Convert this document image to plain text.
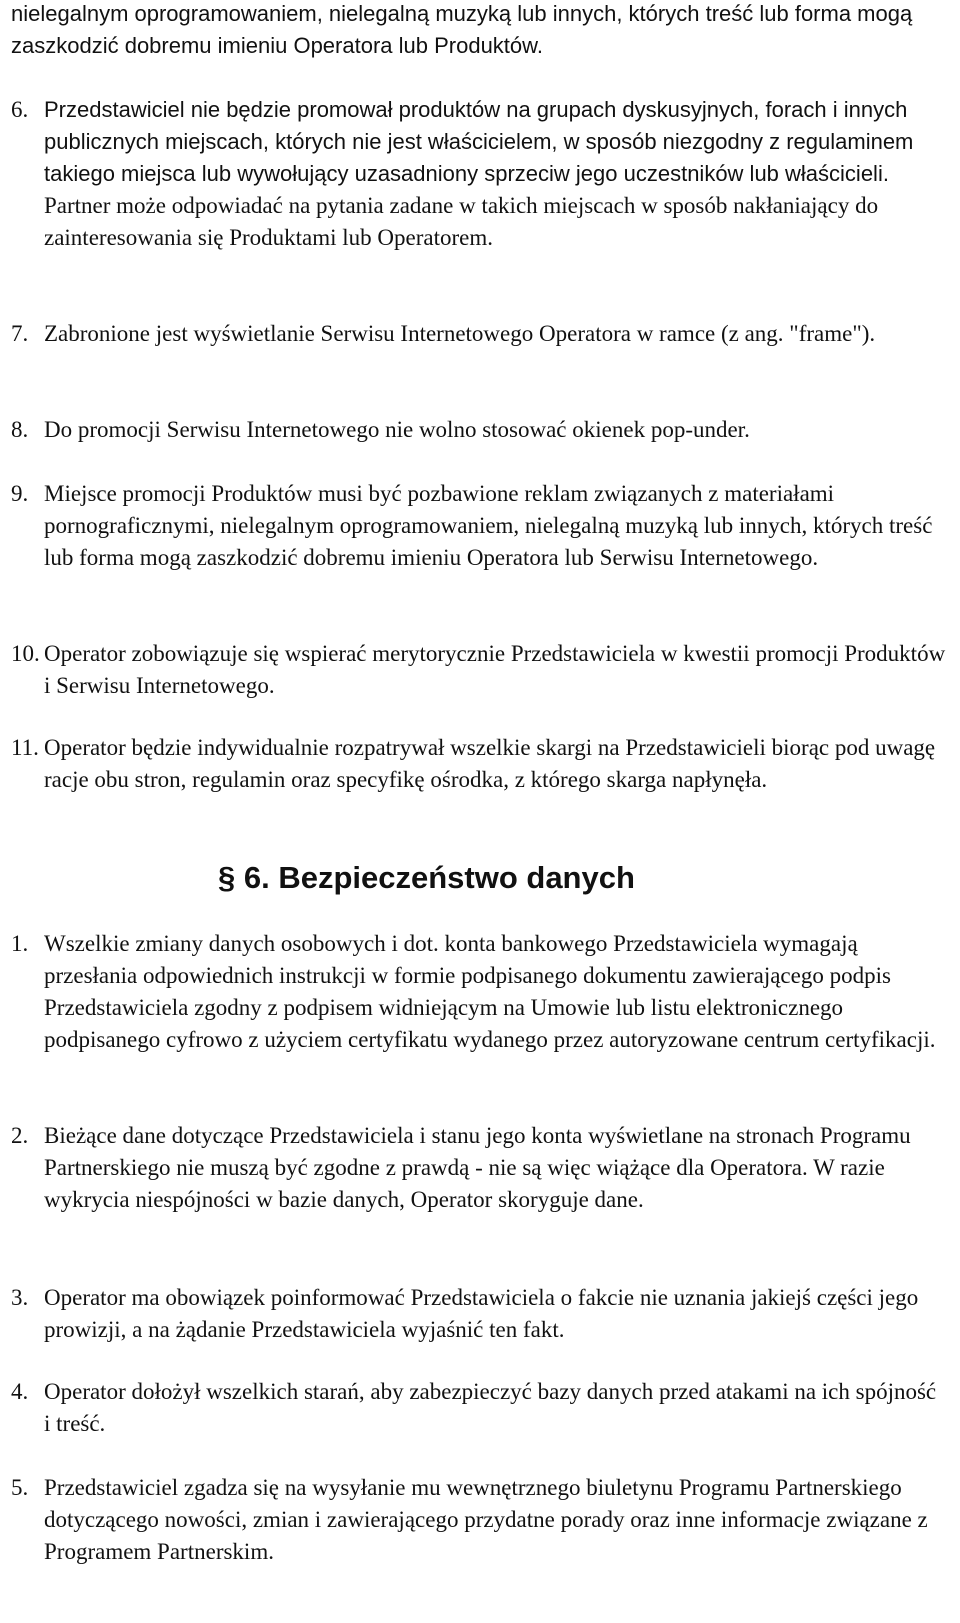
nielegalnym oprogramowaniem, nielegalną muzyką lub innych, których treść lub forma mogą zaszkodzić dobremu imieniu Operatora lub Produktów.

6. Przedstawiciel nie będzie promował produktów na grupach dyskusyjnych, forach i innych publicznych miejscach, których nie jest właścicielem, w sposób niezgodny z regulaminem takiego miejsca lub wywołujący uzasadniony sprzeciw jego uczestników lub właścicieli. Partner może odpowiadać na pytania zadane w takich miejscach w sposób nakłaniający do zainteresowania się Produktami lub Operatorem.
7. Zabronione jest wyświetlanie Serwisu Internetowego Operatora w ramce (z ang. "frame").
8. Do promocji Serwisu Internetowego nie wolno stosować okienek pop-under.
9. Miejsce promocji Produktów musi być pozbawione reklam związanych z materiałami pornograficznymi, nielegalnym oprogramowaniem, nielegalną muzyką lub innych, których treść lub forma mogą zaszkodzić dobremu imieniu Operatora lub Serwisu Internetowego.
10. Operator zobowiązuje się wspierać merytorycznie Przedstawiciela w kwestii promocji Produktów i Serwisu Internetowego.
11. Operator będzie indywidualnie rozpatrywał wszelkie skargi na Przedstawicieli biorąc pod uwagę racje obu stron, regulamin oraz specyfikę ośrodka, z którego skarga napłynęła.
§ 6. Bezpieczeństwo danych
1. Wszelkie zmiany danych osobowych i dot. konta bankowego Przedstawiciela wymagają przesłania odpowiednich instrukcji w formie podpisanego dokumentu zawierającego podpis Przedstawiciela zgodny z podpisem widniejącym na Umowie lub listu elektronicznego podpisanego cyfrowo z użyciem certyfikatu wydanego przez autoryzowane centrum certyfikacji.
2. Bieżące dane dotyczące Przedstawiciela i stanu jego konta wyświetlane na stronach Programu Partnerskiego nie muszą być zgodne z prawdą - nie są więc wiążące dla Operatora. W razie wykrycia niespójności w bazie danych, Operator skoryguje dane.
3. Operator ma obowiązek poinformować Przedstawiciela o fakcie nie uznania jakiejś części jego prowizji, a na żądanie Przedstawiciela wyjaśnić ten fakt.
4. Operator dołożył wszelkich starań, aby zabezpieczyć bazy danych przed atakami na ich spójność i treść.
5. Przedstawiciel zgadza się na wysyłanie mu wewnętrznego biuletynu Programu Partnerskiego dotyczącego nowości, zmian i zawierającego przydatne porady oraz inne informacje związane z Programem Partnerskim.
